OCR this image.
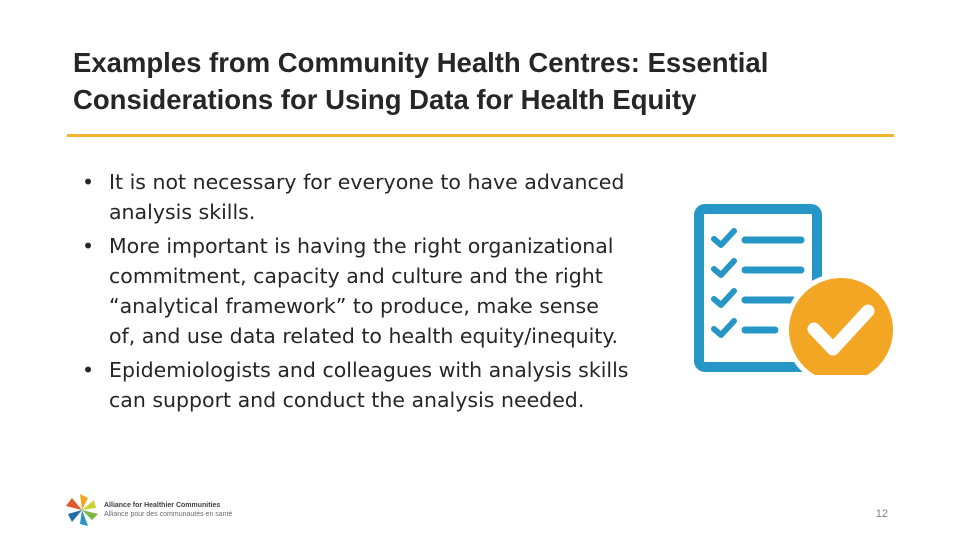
Examples from Community Health Centres: Essential
Considerations for Using Data for Health Equity
• It is not necessary for everyone to have advanced
analysis skills.
• More important is having the right organizational
commitment, capacity and culture and the right
“analytical framework” to produce, make sense
of, and use data related to health equity/inequity.
• Epidemiologists and colleagues with analysis skills
can support and conduct the analysis needed.
Alliance for Healthier Communities
Alliance pour des communautés en santé	12
